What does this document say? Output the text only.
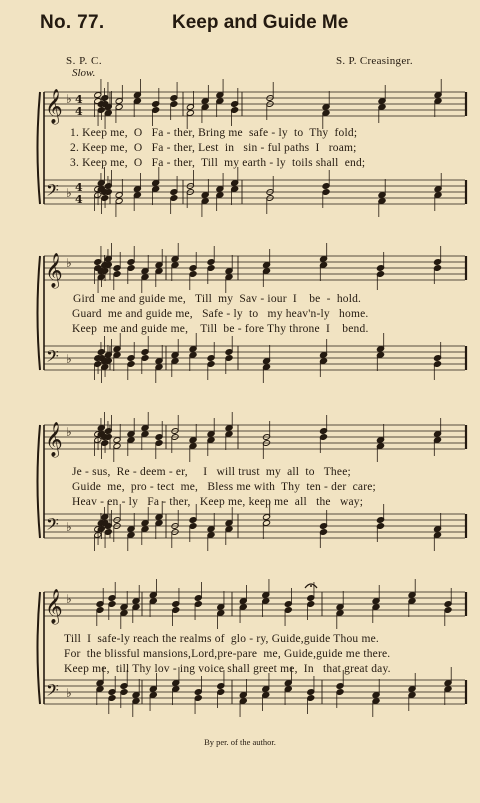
No. 77.	Keep and Guide Me
S. P. C.	S. P. Creasinger.
Slow.
𝄞 ♭ 4
4
𝄢 ♭ 4
4
𝄞 ♭
𝄢 ♭
𝄞 ♭
𝄢 ♭
𝄞 ♭
𝄢 ♭
1. Keep me,  O   Fa - ther, Bring me  safe - ly  to  Thy  fold;
2. Keep me,  O   Fa - ther, Lest  in   sin - ful paths  I   roam;
3. Keep me,  O   Fa - ther,  Till  my earth - ly  toils shall  end;
Gird  me and guide me,   Till  my  Sav - iour  I    be  -  hold.
Guard  me and guide me,   Safe - ly  to   my heav'n-ly   home.
Keep  me and guide me,    Till  be - fore Thy throne  I    bend.
Je - sus,  Re - deem - er,     I   will trust  my  all  to   Thee;
Guide  me,  pro - tect  me,   Bless me with  Thy  ten - der  care;
Heav - en - ly   Fa - ther,   Keep me, keep me  all   the   way;
Till  I  safe-ly reach the realms of  glo - ry, Guide,guide Thou me.
For  the blissful mansions,Lord,pre-pare  me, Guide,guide me there.
Keep me,  till Thy lov - ing voice shall greet me,  In   that great day.
By per. of the author.
